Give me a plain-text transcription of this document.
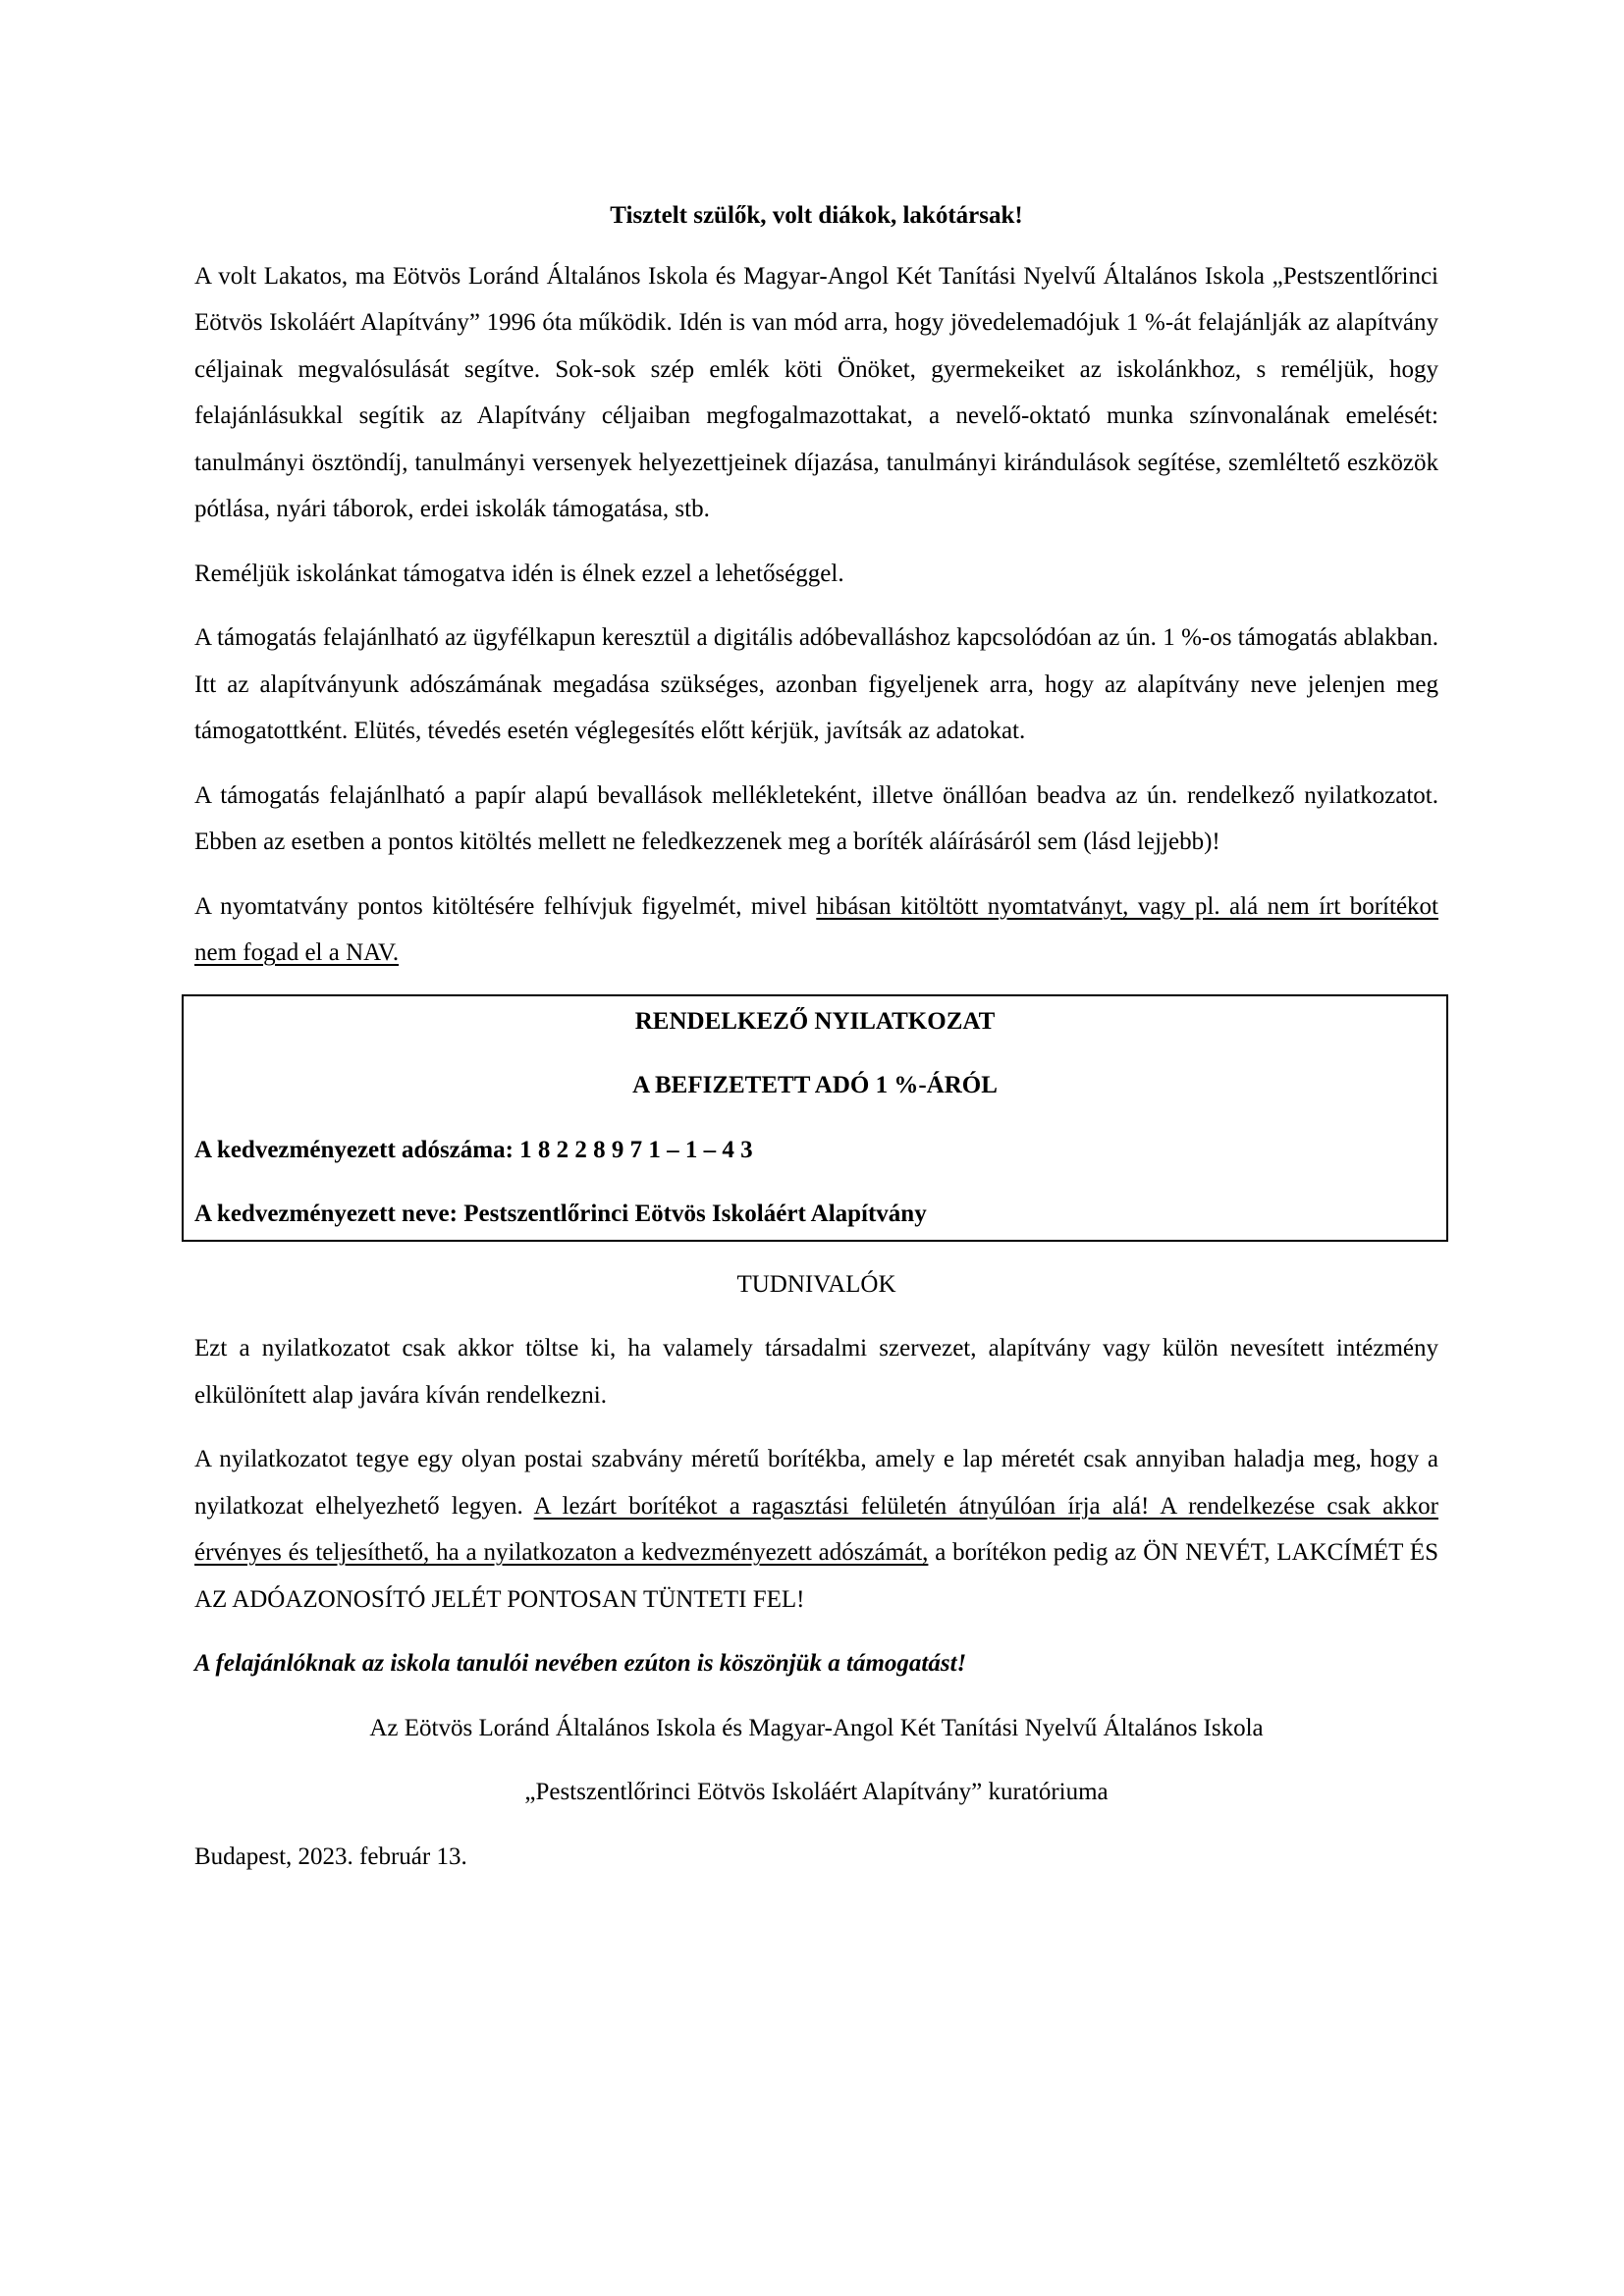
Tisztelt szülők, volt diákok, lakótársak!

A volt Lakatos, ma Eötvös Loránd Általános Iskola és Magyar-Angol Két Tanítási Nyelvű Általános Iskola „Pestszentlőrinci Eötvös Iskoláért Alapítvány” 1996 óta működik. Idén is van mód arra, hogy jövedelemadójuk 1 %-át felajánlják az alapítvány céljainak megvalósulását segítve. Sok-sok szép emlék köti Önöket, gyermekeiket az iskolánkhoz, s reméljük, hogy felajánlásukkal segítik az Alapítvány céljaiban megfogalmazottakat, a nevelő-oktató munka színvonalának emelését: tanulmányi ösztöndíj, tanulmányi versenyek helyezettjeinek díjazása, tanulmányi kirándulások segítése, szemléltető eszközök pótlása, nyári táborok, erdei iskolák támogatása, stb.

Reméljük iskolánkat támogatva idén is élnek ezzel a lehetőséggel.

A támogatás felajánlható az ügyfélkapun keresztül a digitális adóbevalláshoz kapcsolódóan az ún. 1 %-os támogatás ablakban. Itt az alapítványunk adószámának megadása szükséges, azonban figyeljenek arra, hogy az alapítvány neve jelenjen meg támogatottként. Elütés, tévedés esetén véglegesítés előtt kérjük, javítsák az adatokat.

A támogatás felajánlható a papír alapú bevallások mellékleteként, illetve önállóan beadva az ún. rendelkező nyilatkozatot. Ebben az esetben a pontos kitöltés mellett ne feledkezzenek meg a boríték aláírásáról sem (lásd lejjebb)!

A nyomtatvány pontos kitöltésére felhívjuk figyelmét, mivel hibásan kitöltött nyomtatványt, vagy pl. alá nem írt borítékot nem fogad el a NAV.

RENDELKEZŐ NYILATKOZAT

A BEFIZETETT ADÓ 1 %-ÁRÓL

A kedvezményezett adószáma: 1 8 2 2 8 9 7 1 – 1 – 4 3

A kedvezményezett neve: Pestszentlőrinci Eötvös Iskoláért Alapítvány

TUDNIVALÓK

Ezt a nyilatkozatot csak akkor töltse ki, ha valamely társadalmi szervezet, alapítvány vagy külön nevesített intézmény elkülönített alap javára kíván rendelkezni.

A nyilatkozatot tegye egy olyan postai szabvány méretű borítékba, amely e lap méretét csak annyiban haladja meg, hogy a nyilatkozat elhelyezhető legyen. A lezárt borítékot a ragasztási felületén átnyúlóan írja alá! A rendelkezése csak akkor érvényes és teljesíthető, ha a nyilatkozaton a kedvezményezett adószámát, a borítékon pedig az ÖN NEVÉT, LAKCÍMÉT ÉS AZ ADÓAZONOSÍTÓ JELÉT PONTOSAN TÜNTETI FEL!

A felajánlóknak az iskola tanulói nevében ezúton is köszönjük a támogatást!

Az Eötvös Loránd Általános Iskola és Magyar-Angol Két Tanítási Nyelvű Általános Iskola

„Pestszentlőrinci Eötvös Iskoláért Alapítvány” kuratóriuma

Budapest, 2023. február 13.
